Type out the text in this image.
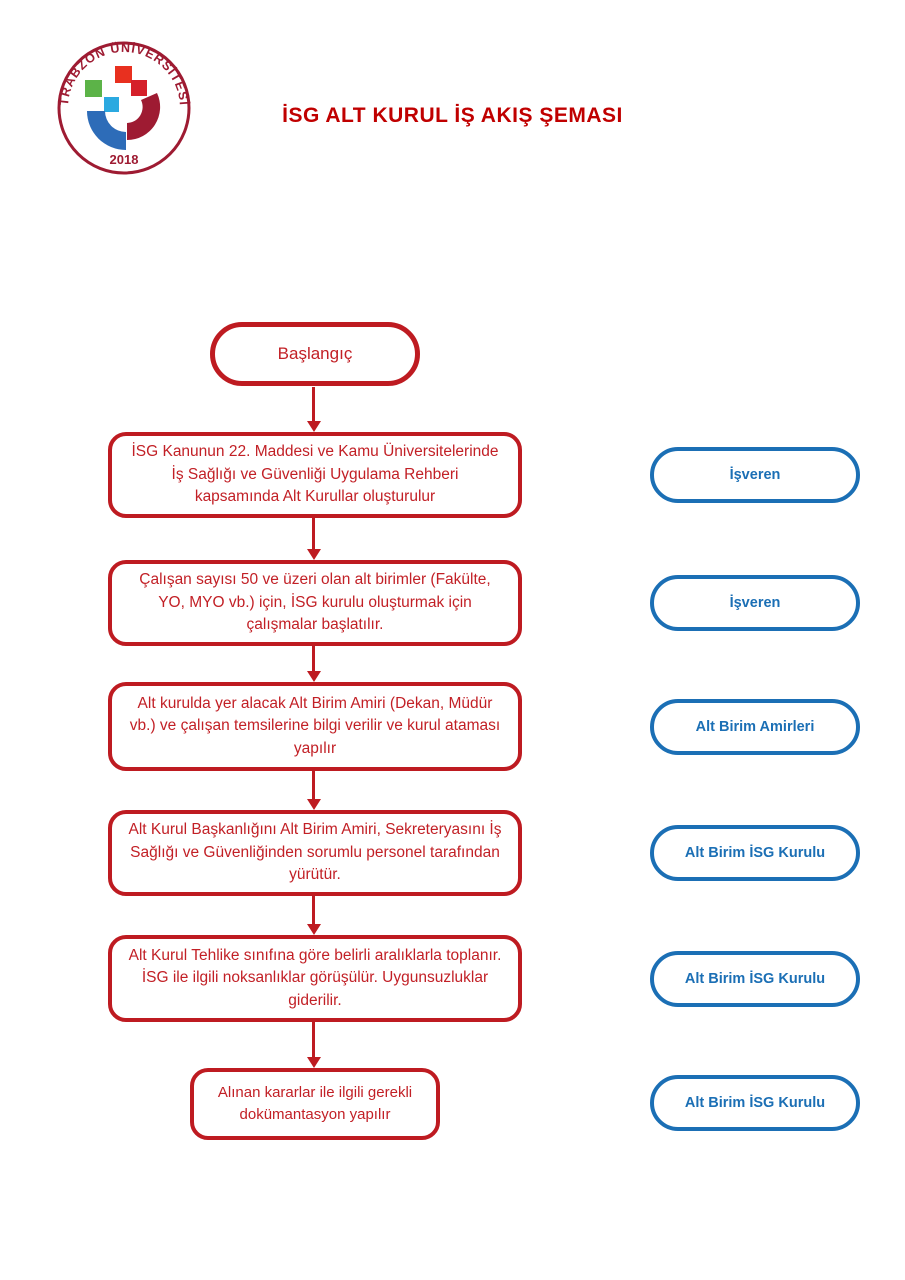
TRABZON ÜNİVERSİTESİ
2018
İSG ALT KURUL İŞ AKIŞ ŞEMASI
Başlangıç
İSG Kanunun 22. Maddesi ve Kamu Üniversitelerinde İş Sağlığı ve Güvenliği Uygulama Rehberi kapsamında Alt Kurullar oluşturulur
Çalışan sayısı 50 ve üzeri olan alt birimler (Fakülte, YO, MYO vb.) için, İSG kurulu oluşturmak için çalışmalar başlatılır.
Alt kurulda yer alacak Alt Birim Amiri (Dekan, Müdür vb.) ve çalışan temsilerine bilgi verilir ve kurul ataması yapılır
Alt Kurul Başkanlığını Alt Birim Amiri, Sekreteryasını İş Sağlığı ve Güvenliğinden sorumlu personel tarafından yürütür.
Alt Kurul Tehlike sınıfına göre belirli aralıklarla toplanır. İSG ile ilgili noksanlıklar görüşülür. Uygunsuzluklar giderilir.
Alınan kararlar ile ilgili gerekli dokümantasyon yapılır
İşveren
İşveren
Alt Birim Amirleri
Alt Birim İSG Kurulu
Alt Birim İSG Kurulu
Alt Birim İSG Kurulu
